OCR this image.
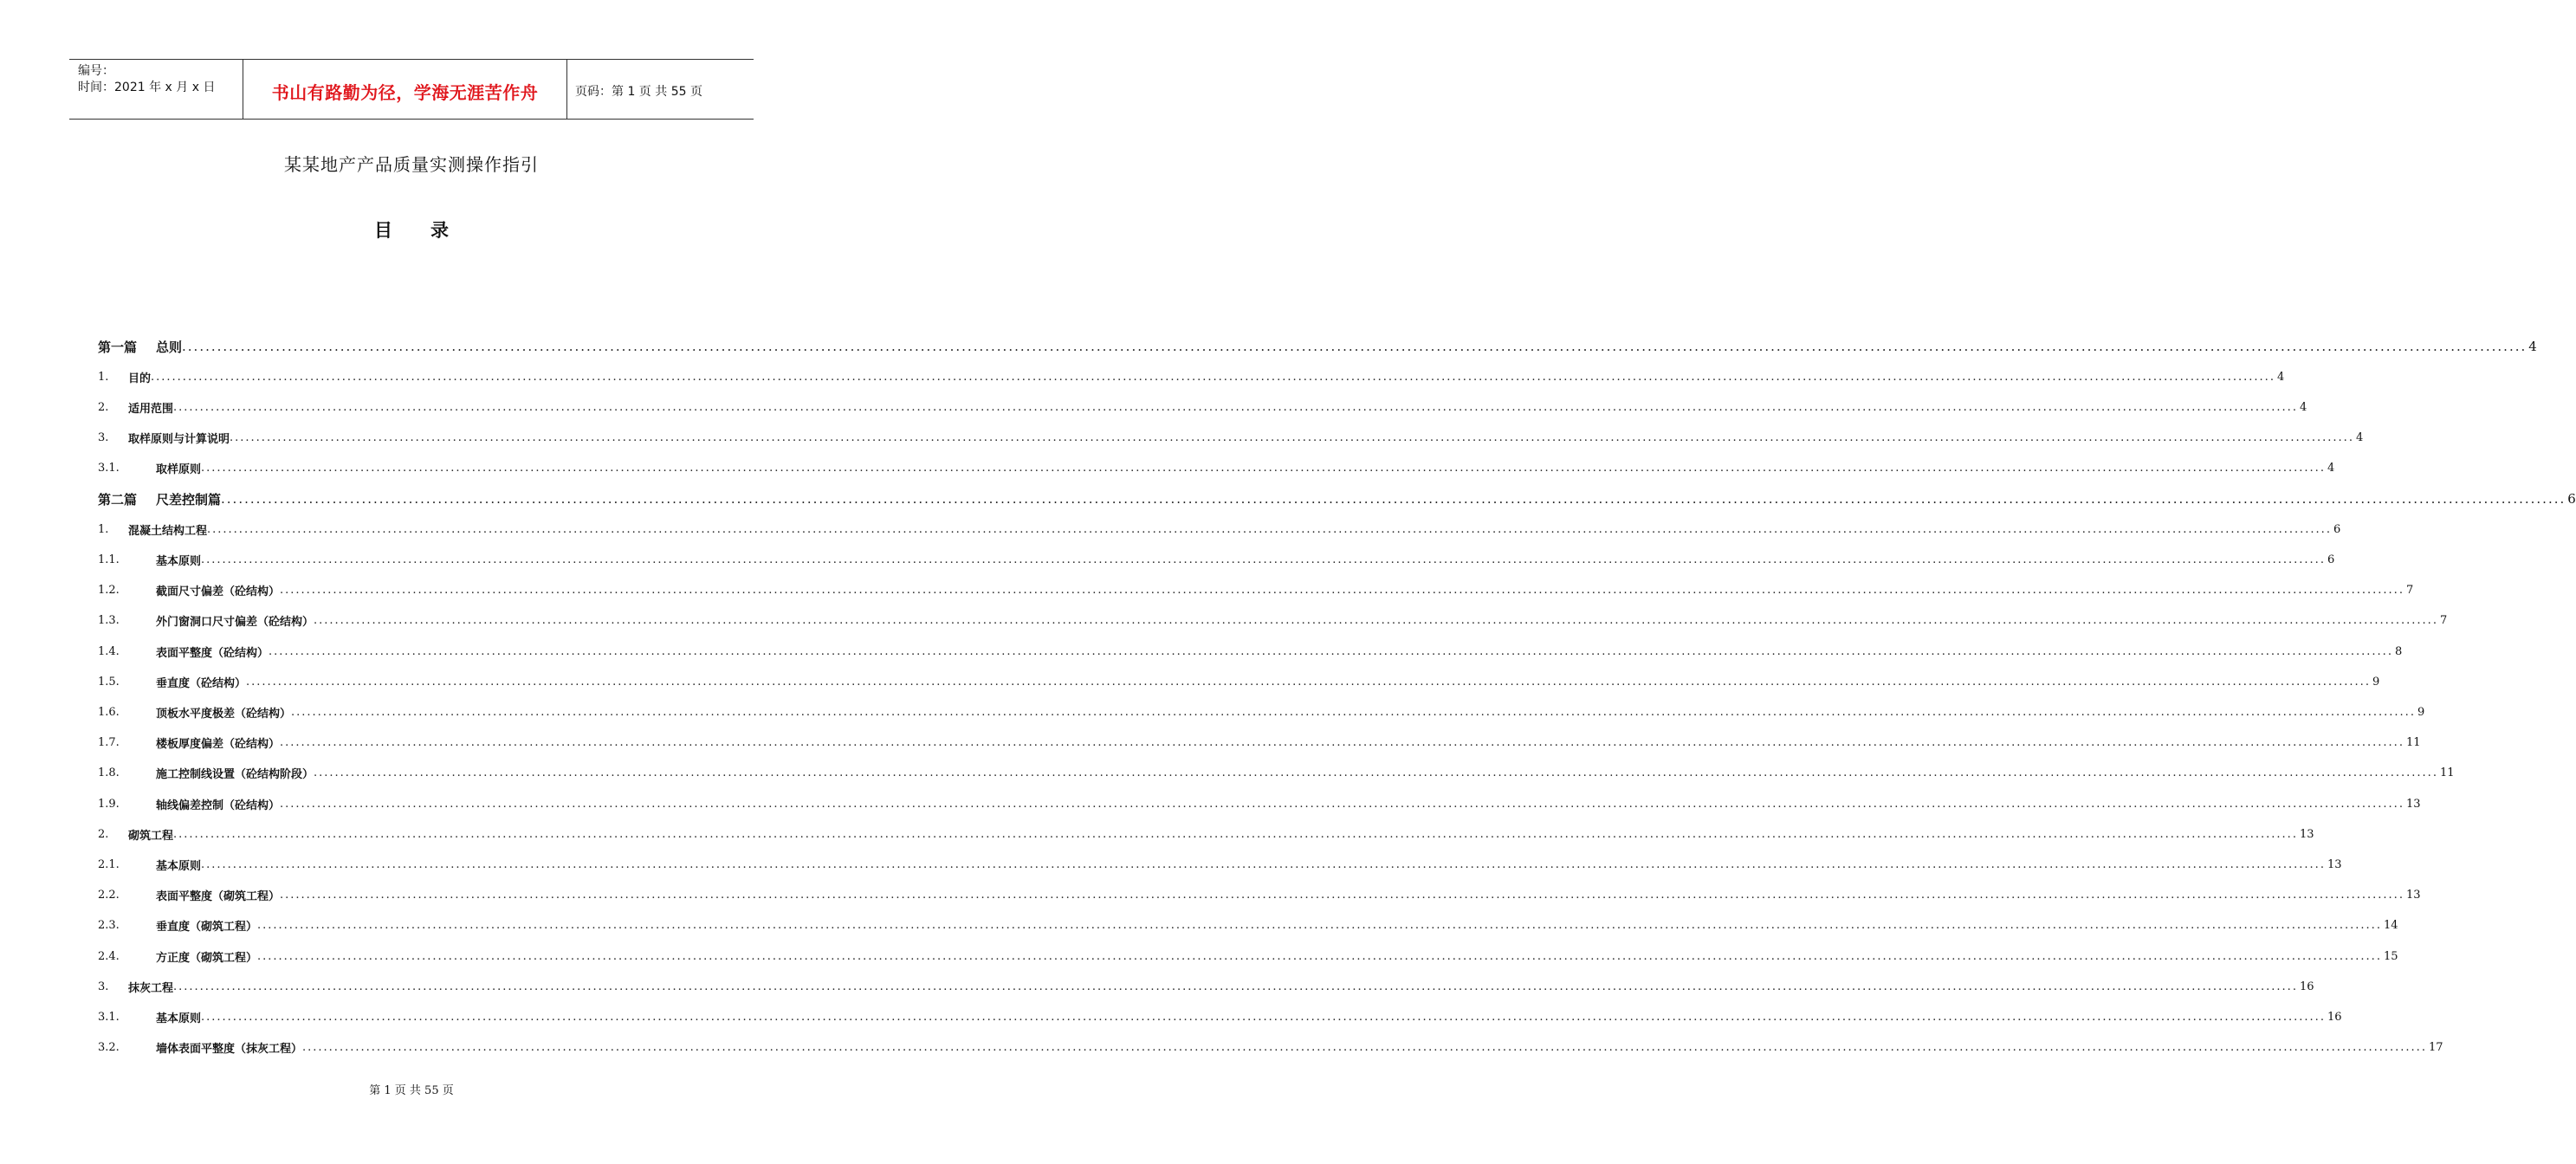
编号：
时间：2021 年 x 月 x 日	书山有路勤为径，学海无涯苦作舟	页码：第 1 页 共 55 页
某某地产产品质量实测操作指引
目 录
第一篇	总则 ................................................................................................................................................................................................................................................................................................................................................................................................................ 4
1.	目的 ................................................................................................................................................................................................................................................................................................................................................................................................................ 4
2.	适用范围 ................................................................................................................................................................................................................................................................................................................................................................................................................ 4
3.	取样原则与计算说明 ................................................................................................................................................................................................................................................................................................................................................................................................................ 4
3.1.	取样原则 ................................................................................................................................................................................................................................................................................................................................................................................................................ 4
第二篇	尺差控制篇 ................................................................................................................................................................................................................................................................................................................................................................................................................ 6
1.	混凝土结构工程 ................................................................................................................................................................................................................................................................................................................................................................................................................ 6
1.1.	基本原则 ................................................................................................................................................................................................................................................................................................................................................................................................................ 6
1.2.	截面尺寸偏差（砼结构） ................................................................................................................................................................................................................................................................................................................................................................................................................ 7
1.3.	外门窗洞口尺寸偏差（砼结构） ................................................................................................................................................................................................................................................................................................................................................................................................................ 7
1.4.	表面平整度（砼结构） ................................................................................................................................................................................................................................................................................................................................................................................................................ 8
1.5.	垂直度（砼结构） ................................................................................................................................................................................................................................................................................................................................................................................................................ 9
1.6.	顶板水平度极差（砼结构） ................................................................................................................................................................................................................................................................................................................................................................................................................ 9
1.7.	楼板厚度偏差（砼结构） ................................................................................................................................................................................................................................................................................................................................................................................................................ 11
1.8.	施工控制线设置（砼结构阶段） ................................................................................................................................................................................................................................................................................................................................................................................................................ 11
1.9.	轴线偏差控制（砼结构） ................................................................................................................................................................................................................................................................................................................................................................................................................ 13
2.	砌筑工程 ................................................................................................................................................................................................................................................................................................................................................................................................................ 13
2.1.	基本原则 ................................................................................................................................................................................................................................................................................................................................................................................................................ 13
2.2.	表面平整度（砌筑工程） ................................................................................................................................................................................................................................................................................................................................................................................................................ 13
2.3.	垂直度（砌筑工程） ................................................................................................................................................................................................................................................................................................................................................................................................................ 14
2.4.	方正度（砌筑工程） ................................................................................................................................................................................................................................................................................................................................................................................................................ 15
3.	抹灰工程 ................................................................................................................................................................................................................................................................................................................................................................................................................ 16
3.1.	基本原则 ................................................................................................................................................................................................................................................................................................................................................................................................................ 16
3.2.	墙体表面平整度（抹灰工程） ................................................................................................................................................................................................................................................................................................................................................................................................................ 17
第 1 页 共 55 页
